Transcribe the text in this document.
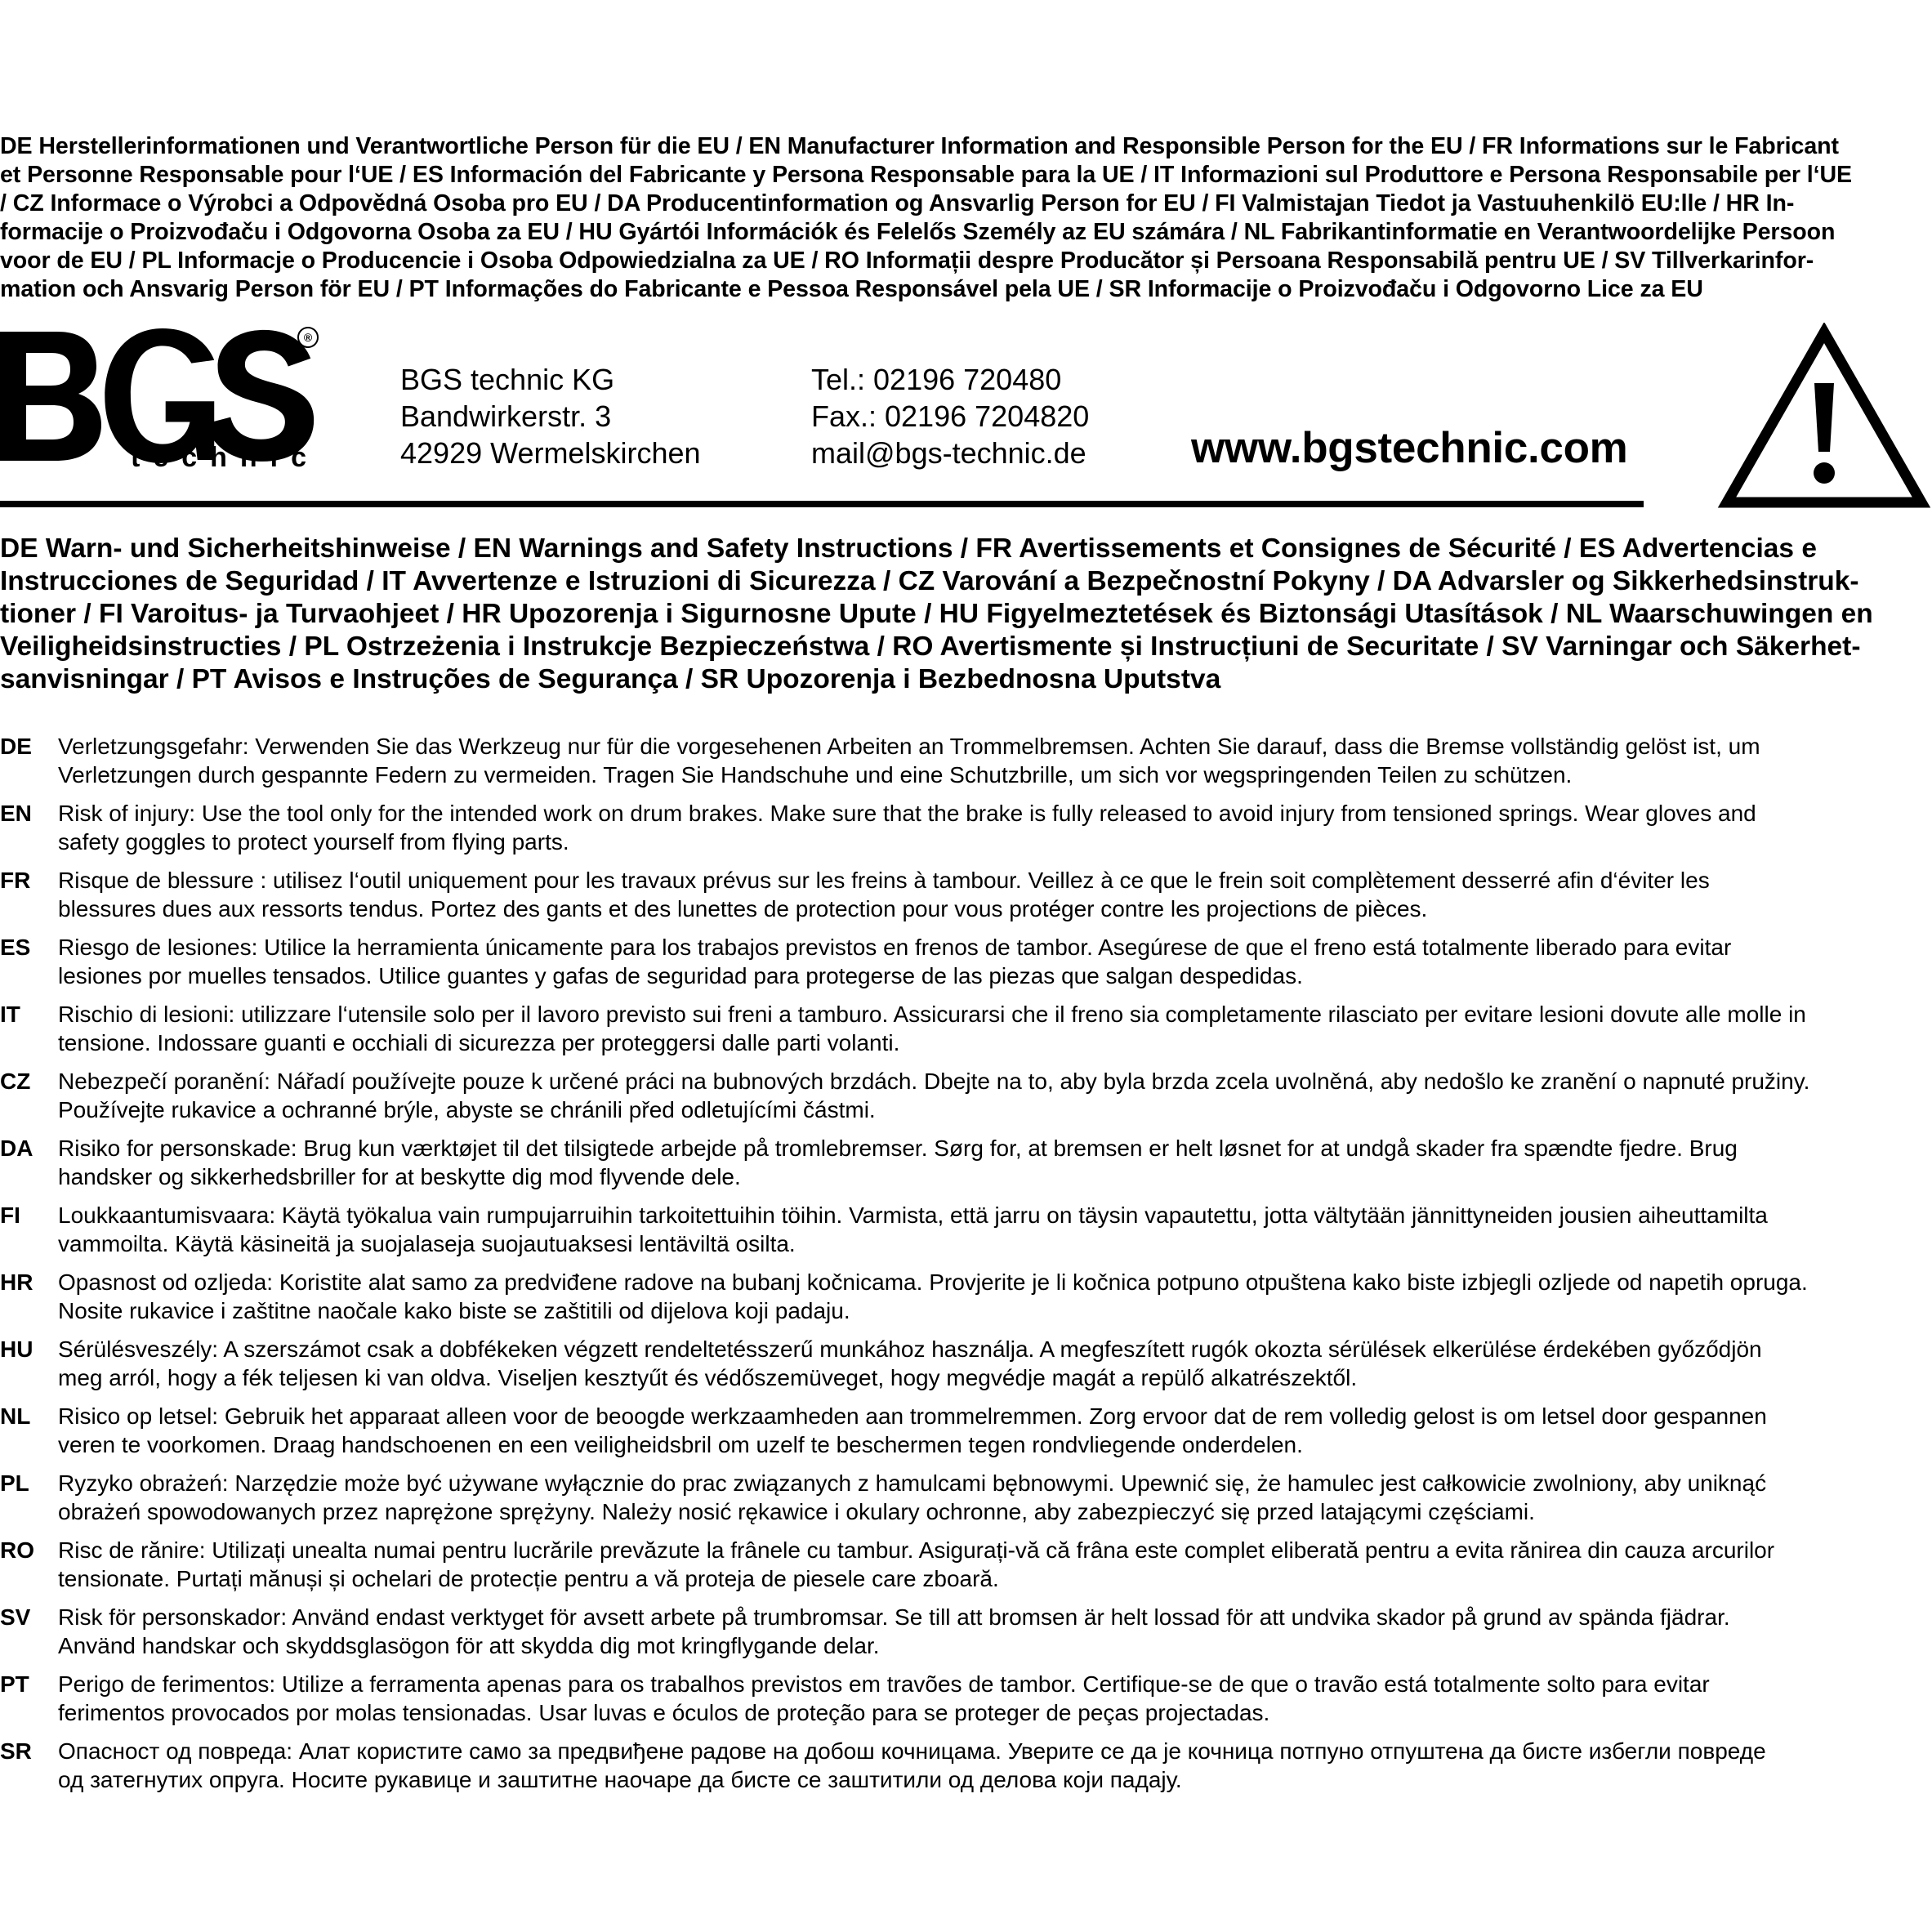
DE Herstellerinformationen und Verantwortliche Person für die EU / EN Manufacturer Information and Responsible Person for the EU / FR Informations sur le Fabricant
et Personne Responsable pour l‘UE / ES Información del Fabricante y Persona Responsable para la UE / IT Informazioni sul Produttore e Persona Responsabile per l‘UE
/ CZ Informace o Výrobci a Odpovědná Osoba pro EU / DA Producentinformation og Ansvarlig Person for EU / FI Valmistajan Tiedot ja Vastuuhenkilö EU:lle / HR In-
formacije o Proizvođaču i Odgovorna Osoba za EU / HU Gyártói Információk és Felelős Személy az EU számára / NL Fabrikantinformatie en Verantwoordelijke Persoon
voor de EU / PL Informacje o Producencie i Osoba Odpowiedzialna za UE / RO Informații despre Producător și Persoana Responsabilă pentru UE / SV Tillverkarinfor-
mation och Ansvarig Person för EU / PT Informações do Fabricante e Pessoa Responsável pela UE / SR Informacije o Proizvođaču i Odgovorno Lice za EU
®
technic
BGS technic KG
Bandwirkerstr. 3
42929 Wermelskirchen
Tel.: 02196 720480
Fax.: 02196 7204820
mail@bgs-technic.de www.bgstechnic.com
DE Warn- und Sicherheitshinweise / EN Warnings and Safety Instructions / FR Avertissements et Consignes de Sécurité / ES Advertencias e
Instrucciones de Seguridad / IT Avvertenze e Istruzioni di Sicurezza / CZ Varování a Bezpečnostní Pokyny / DA Advarsler og Sikkerhedsinstruk-
tioner / FI Varoitus- ja Turvaohjeet / HR Upozorenja i Sigurnosne Upute / HU Figyelmeztetések és Biztonsági Utasítások / NL Waarschuwingen en
Veiligheidsinstructies / PL Ostrzeżenia i Instrukcje Bezpieczeństwa / RO Avertismente și Instrucțiuni de Securitate / SV Varningar och Säkerhet-
sanvisningar / PT Avisos e Instruções de Segurança / SR Upozorenja i Bezbednosna Uputstva
DE Verletzungsgefahr: Verwenden Sie das Werkzeug nur für die vorgesehenen Arbeiten an Trommelbremsen. Achten Sie darauf, dass die Bremse vollständig gelöst ist, um
Verletzungen durch gespannte Federn zu vermeiden. Tragen Sie Handschuhe und eine Schutzbrille, um sich vor wegspringenden Teilen zu schützen.
EN Risk of injury: Use the tool only for the intended work on drum brakes. Make sure that the brake is fully released to avoid injury from tensioned springs. Wear gloves and
safety goggles to protect yourself from flying parts.
FR Risque de blessure : utilisez l‘outil uniquement pour les travaux prévus sur les freins à tambour. Veillez à ce que le frein soit complètement desserré afin d‘éviter les
blessures dues aux ressorts tendus. Portez des gants et des lunettes de protection pour vous protéger contre les projections de pièces.
ES Riesgo de lesiones: Utilice la herramienta únicamente para los trabajos previstos en frenos de tambor. Asegúrese de que el freno está totalmente liberado para evitar
lesiones por muelles tensados. Utilice guantes y gafas de seguridad para protegerse de las piezas que salgan despedidas.
IT Rischio di lesioni: utilizzare l‘utensile solo per il lavoro previsto sui freni a tamburo. Assicurarsi che il freno sia completamente rilasciato per evitare lesioni dovute alle molle in
tensione. Indossare guanti e occhiali di sicurezza per proteggersi dalle parti volanti.
CZ Nebezpečí poranění: Nářadí používejte pouze k určené práci na bubnových brzdách. Dbejte na to, aby byla brzda zcela uvolněná, aby nedošlo ke zranění o napnuté pružiny.
Používejte rukavice a ochranné brýle, abyste se chránili před odletujícími částmi.
DA Risiko for personskade: Brug kun værktøjet til det tilsigtede arbejde på tromlebremser. Sørg for, at bremsen er helt løsnet for at undgå skader fra spændte fjedre. Brug
handsker og sikkerhedsbriller for at beskytte dig mod flyvende dele.
FI Loukkaantumisvaara: Käytä työkalua vain rumpujarruihin tarkoitettuihin töihin. Varmista, että jarru on täysin vapautettu, jotta vältytään jännittyneiden jousien aiheuttamilta
vammoilta. Käytä käsineitä ja suojalaseja suojautuaksesi lentäviltä osilta.
HR Opasnost od ozljeda: Koristite alat samo za predviđene radove na bubanj kočnicama. Provjerite je li kočnica potpuno otpuštena kako biste izbjegli ozljede od napetih opruga.
Nosite rukavice i zaštitne naočale kako biste se zaštitili od dijelova koji padaju.
HU Sérülésveszély: A szerszámot csak a dobfékeken végzett rendeltetésszerű munkához használja. A megfeszített rugók okozta sérülések elkerülése érdekében győződjön
meg arról, hogy a fék teljesen ki van oldva. Viseljen kesztyűt és védőszemüveget, hogy megvédje magát a repülő alkatrészektől.
NL Risico op letsel: Gebruik het apparaat alleen voor de beoogde werkzaamheden aan trommelremmen. Zorg ervoor dat de rem volledig gelost is om letsel door gespannen
veren te voorkomen. Draag handschoenen en een veiligheidsbril om uzelf te beschermen tegen rondvliegende onderdelen.
PL Ryzyko obrażeń: Narzędzie może być używane wyłącznie do prac związanych z hamulcami bębnowymi. Upewnić się, że hamulec jest całkowicie zwolniony, aby uniknąć
obrażeń spowodowanych przez naprężone sprężyny. Należy nosić rękawice i okulary ochronne, aby zabezpieczyć się przed latającymi częściami.
RO Risc de rănire: Utilizați unealta numai pentru lucrările prevăzute la frânele cu tambur. Asigurați-vă că frâna este complet eliberată pentru a evita rănirea din cauza arcurilor
tensionate. Purtați mănuși și ochelari de protecție pentru a vă proteja de piesele care zboară.
SV Risk för personskador: Använd endast verktyget för avsett arbete på trumbromsar. Se till att bromsen är helt lossad för att undvika skador på grund av spända fjädrar.
Använd handskar och skyddsglasögon för att skydda dig mot kringflygande delar.
PT Perigo de ferimentos: Utilize a ferramenta apenas para os trabalhos previstos em travões de tambor. Certifique-se de que o travão está totalmente solto para evitar
ferimentos provocados por molas tensionadas. Usar luvas e óculos de proteção para se proteger de peças projectadas.
SR Опасност од повреда: Алат користите само за предвиђене радове на добош кочницама. Уверите се да је кочница потпуно отпуштена да бисте избегли повреде
од затегнутих опруга. Носите рукавице и заштитне наочаре да бисте се заштитили од делова који падају.
